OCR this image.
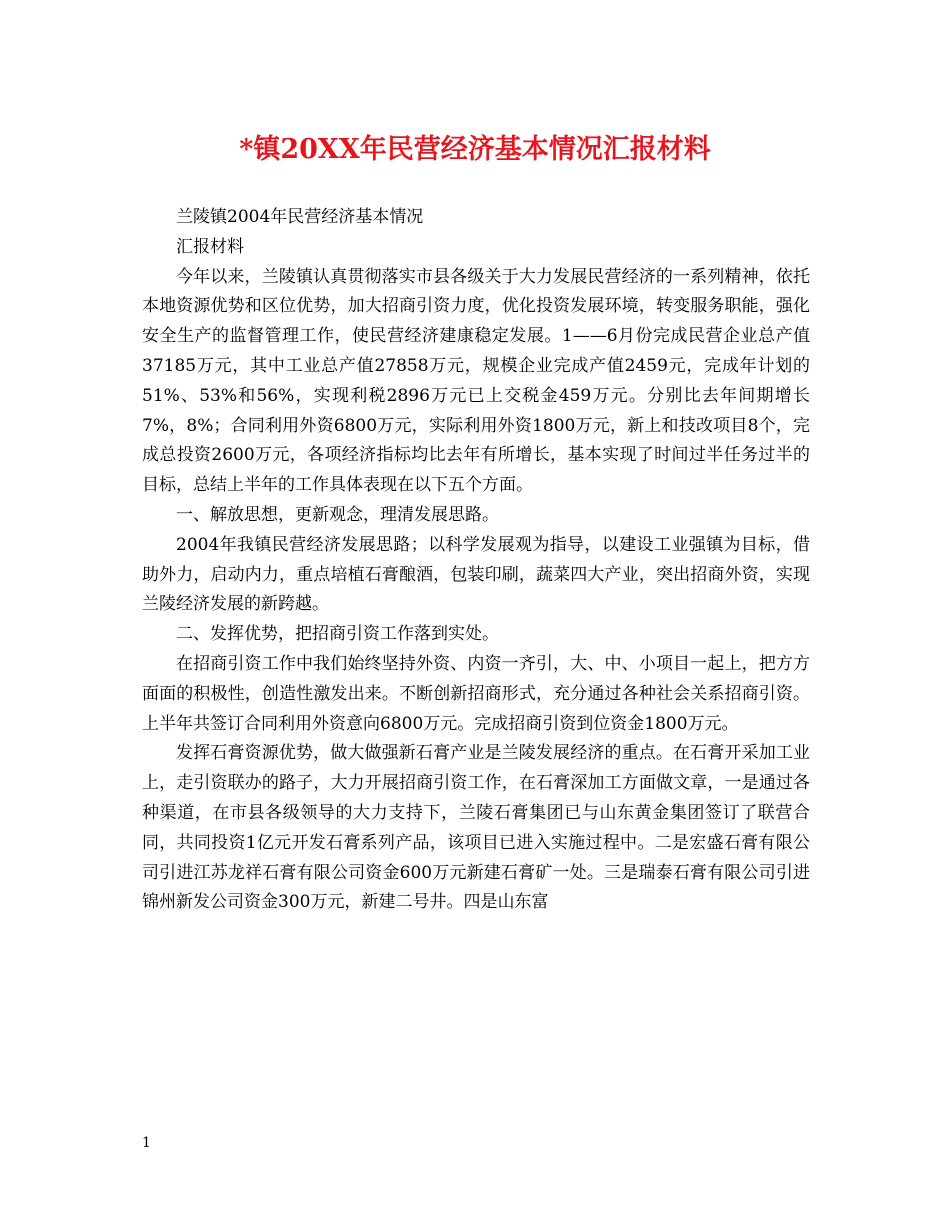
*镇20XX年民营经济基本情况汇报材料

兰陵镇2004年民营经济基本情况

汇报材料

今年以来，兰陵镇认真贯彻落实市县各级关于大力发展民营经济的一系列精神，依托本地资源优势和区位优势，加大招商引资力度，优化投资发展环境，转变服务职能，强化安全生产的监督管理工作，使民营经济建康稳定发展。1——6月份完成民营企业总产值37185万元，其中工业总产值27858万元，规模企业完成产值2459元，完成年计划的51%、53%和56%，实现利税2896万元已上交税金459万元。分别比去年间期增长7%，8%；合同利用外资6800万元，实际利用外资1800万元，新上和技改项目8个，完成总投资2600万元，各项经济指标均比去年有所增长，基本实现了时间过半任务过半的目标，总结上半年的工作具体表现在以下五个方面。

一、解放思想，更新观念，理清发展思路。

2004年我镇民营经济发展思路；以科学发展观为指导，以建设工业强镇为目标，借助外力，启动内力，重点培植石膏酿酒，包装印刷，蔬菜四大产业，突出招商外资，实现兰陵经济发展的新跨越。

二、发挥优势，把招商引资工作落到实处。

在招商引资工作中我们始终坚持外资、内资一齐引，大、中、小项目一起上，把方方面面的积极性，创造性激发出来。不断创新招商形式，充分通过各种社会关系招商引资。上半年共签订合同利用外资意向6800万元。完成招商引资到位资金1800万元。

发挥石膏资源优势，做大做强新石膏产业是兰陵发展经济的重点。在石膏开采加工业上，走引资联办的路子，大力开展招商引资工作，在石膏深加工方面做文章，一是通过各种渠道，在市县各级领导的大力支持下，兰陵石膏集团已与山东黄金集团签订了联营合同，共同投资1亿元开发石膏系列产品，该项目已进入实施过程中。二是宏盛石膏有限公司引进江苏龙祥石膏有限公司资金600万元新建石膏矿一处。三是瑞泰石膏有限公司引进锦州新发公司资金300万元，新建二号井。四是山东富

1
